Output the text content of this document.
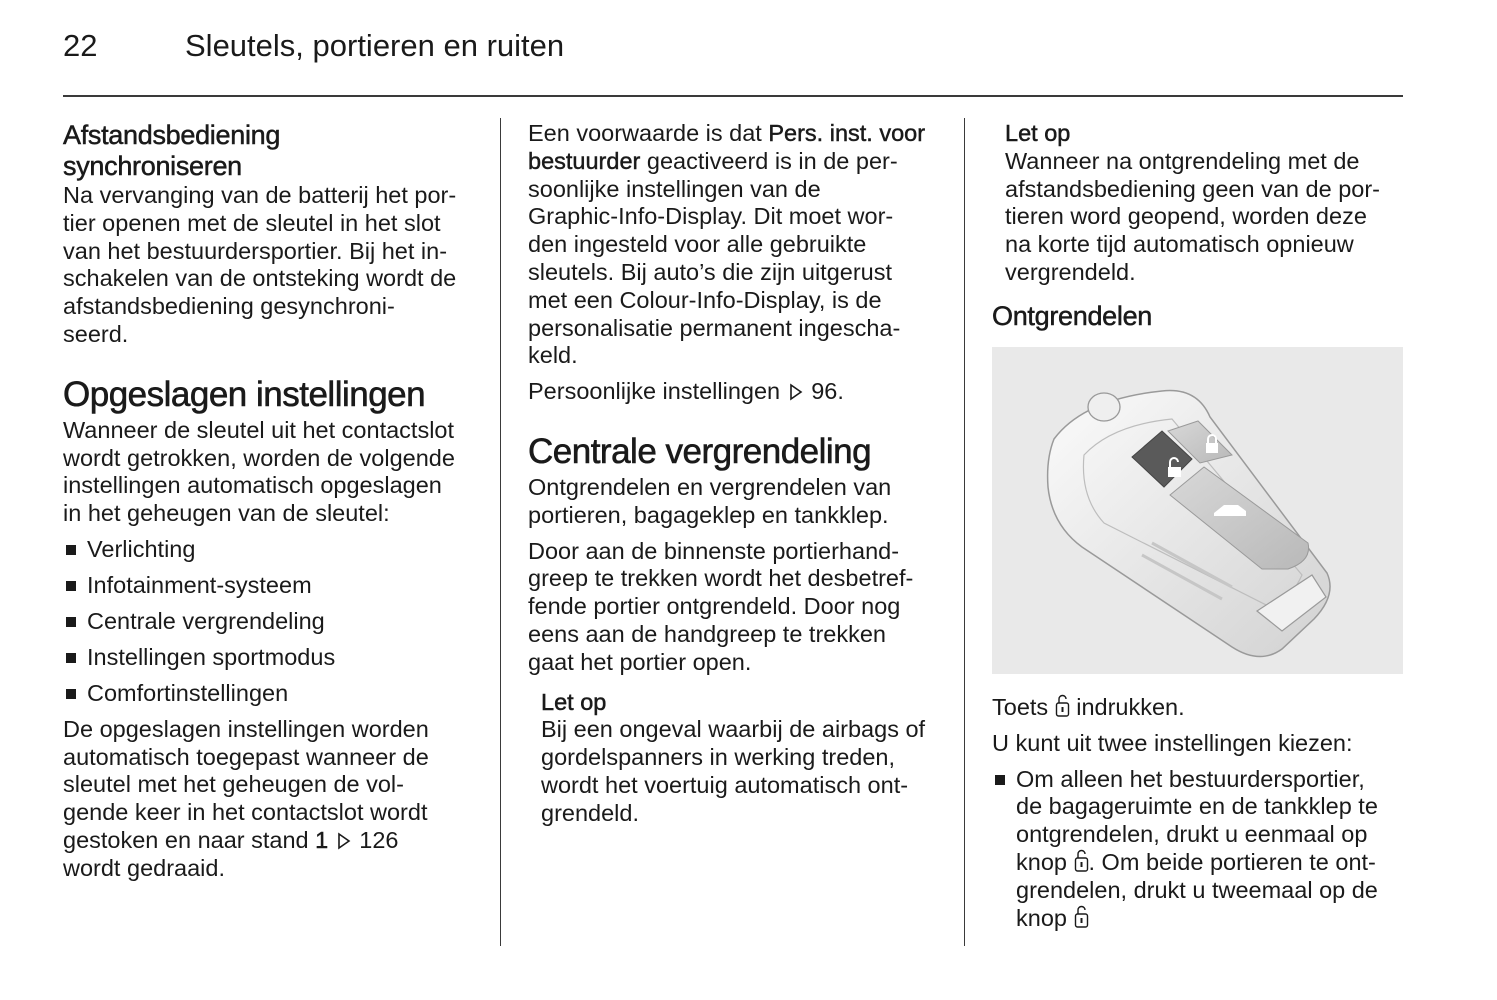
22	Sleutels, portieren en ruiten
Afstandsbediening
synchroniseren

Na vervanging van de batterij het por-

tier openen met de sleutel in het slot

van het bestuurdersportier. Bij het in-

schakelen van de ontsteking wordt de

afstandsbediening gesynchroni-

seerd.

Opgeslagen instellingen

Wanneer de sleutel uit het contactslot

wordt getrokken, worden de volgende

instellingen automatisch opgeslagen

in het geheugen van de sleutel:

Verlichting
Infotainment-systeem
Centrale vergrendeling
Instellingen sportmodus
Comfortinstellingen

De opgeslagen instellingen worden

automatisch toegepast wanneer de

sleutel met het geheugen de vol-

gende keer in het contactslot wordt

gestoken en naar stand 1 126

wordt gedraaid.

Een voorwaarde is dat Pers. inst. voor

bestuurder geactiveerd is in de per-

soonlijke instellingen van de

Graphic-Info-Display. Dit moet wor-

den ingesteld voor alle gebruikte

sleutels. Bij auto’s die zijn uitgerust

met een Colour-Info-Display, is de

personalisatie permanent ingescha-

keld.

Persoonlijke instellingen 96.

Centrale vergrendeling

Ontgrendelen en vergrendelen van

portieren, bagageklep en tankklep.

Door aan de binnenste portierhand-

greep te trekken wordt het desbetref-

fende portier ontgrendeld. Door nog

eens aan de handgreep te trekken

gaat het portier open.

Let op

Bij een ongeval waarbij de airbags of

gordelspanners in werking treden,

wordt het voertuig automatisch ont-

grendeld.

Let op

Wanneer na ontgrendeling met de

afstandsbediening geen van de por-

tieren word geopend, worden deze

na korte tijd automatisch opnieuw

vergrendeld.

Ontgrendelen

Toets indrukken.

U kunt uit twee instellingen kiezen:

Om alleen het bestuurdersportier,

de bagageruimte en de tankklep te

ontgrendelen, drukt u eenmaal op

knop . Om beide portieren te ont-

grendelen, drukt u tweemaal op de

knop
